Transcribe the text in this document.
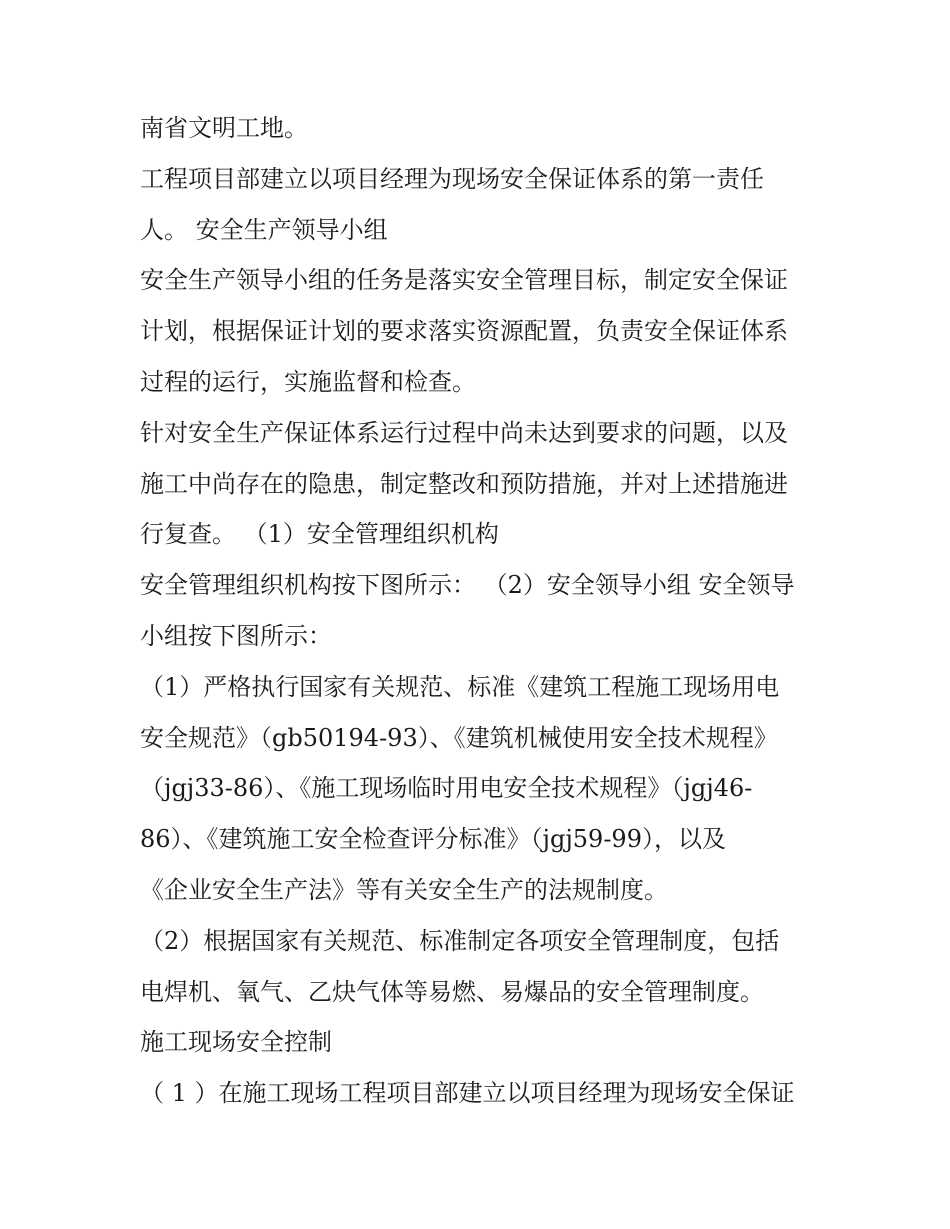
南省文明工地。
工程项目部建立以项目经理为现场安全保证体系的第一责任
人。 安全生产领导小组
安全生产领导小组的任务是落实安全管理目标，制定安全保证
计划，根据保证计划的要求落实资源配置，负责安全保证体系
过程的运行，实施监督和检查。
针对安全生产保证体系运行过程中尚未达到要求的问题，以及
施工中尚存在的隐患，制定整改和预防措施，并对上述措施进
行复查。 （1）安全管理组织机构
安全管理组织机构按下图所示： （2）安全领导小组 安全领导
小组按下图所示：
（1）严格执行国家有关规范、标准《建筑工程施工现场用电
安全规范》（gb50194-93）、《建筑机械使用安全技术规程》
（jgj33-86）、《施工现场临时用电安全技术规程》（jgj46-
86）、《建筑施工安全检查评分标准》（jgj59-99），以及
《企业安全生产法》等有关安全生产的法规制度。
（2）根据国家有关规范、标准制定各项安全管理制度，包括
电焊机、氧气、乙炔气体等易燃、易爆品的安全管理制度。
施工现场安全控制
（ 1 ）在施工现场工程项目部建立以项目经理为现场安全保证
